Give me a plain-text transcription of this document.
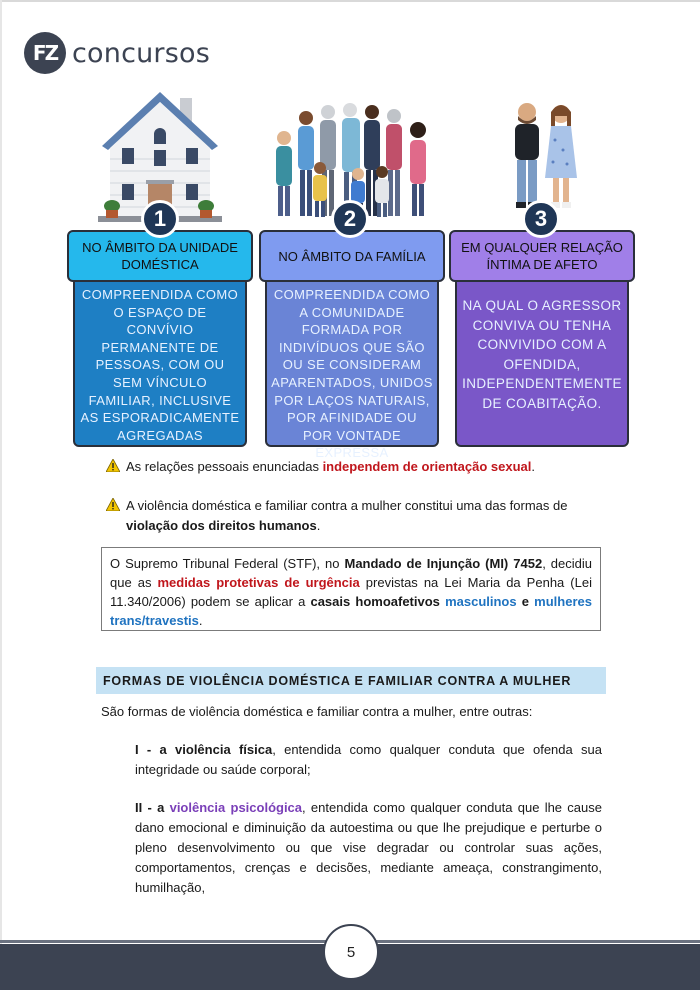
FZ concursos
1	2	3
NO ÂMBITO DA UNIDADE DOMÉSTICA
COMPREENDIDA COMO O ESPAÇO DE CONVÍVIO PERMANENTE DE PESSOAS, COM OU SEM VÍNCULO FAMILIAR, INCLUSIVE AS ESPORADICAMENTE AGREGADAS
NO ÂMBITO DA FAMÍLIA
COMPREENDIDA COMO A COMUNIDADE FORMADA POR INDIVÍDUOS QUE SÃO OU SE CONSIDERAM APARENTADOS, UNIDOS POR LAÇOS NATURAIS, POR AFINIDADE OU POR VONTADE EXPRESSA
EM QUALQUER RELAÇÃO ÍNTIMA DE AFETO
NA QUAL O AGRESSOR CONVIVA OU TENHA CONVIVIDO COM A OFENDIDA, INDEPENDENTEMENTE DE COABITAÇÃO.
As relações pessoais enunciadas independem de orientação sexual.
A violência doméstica e familiar contra a mulher constitui uma das formas de
violação dos direitos humanos.
O Supremo Tribunal Federal (STF), no Mandado de Injunção (MI) 7452, decidiu que as medidas protetivas de urgência previstas na Lei Maria da Penha (Lei 11.340/2006) podem se aplicar a casais homoafetivos masculinos e mulheres trans/travestis.
FORMAS DE VIOLÊNCIA DOMÉSTICA E FAMILIAR CONTRA A MULHER
São formas de violência doméstica e familiar contra a mulher, entre outras:
I - a violência física, entendida como qualquer conduta que ofenda sua integridade ou saúde corporal;
II - a violência psicológica, entendida como qualquer conduta que lhe cause dano emocional e diminuição da autoestima ou que lhe prejudique e perturbe o pleno desenvolvimento ou que vise degradar ou controlar suas ações, comportamentos, crenças e decisões, mediante ameaça, constrangimento, humilhação,
5
